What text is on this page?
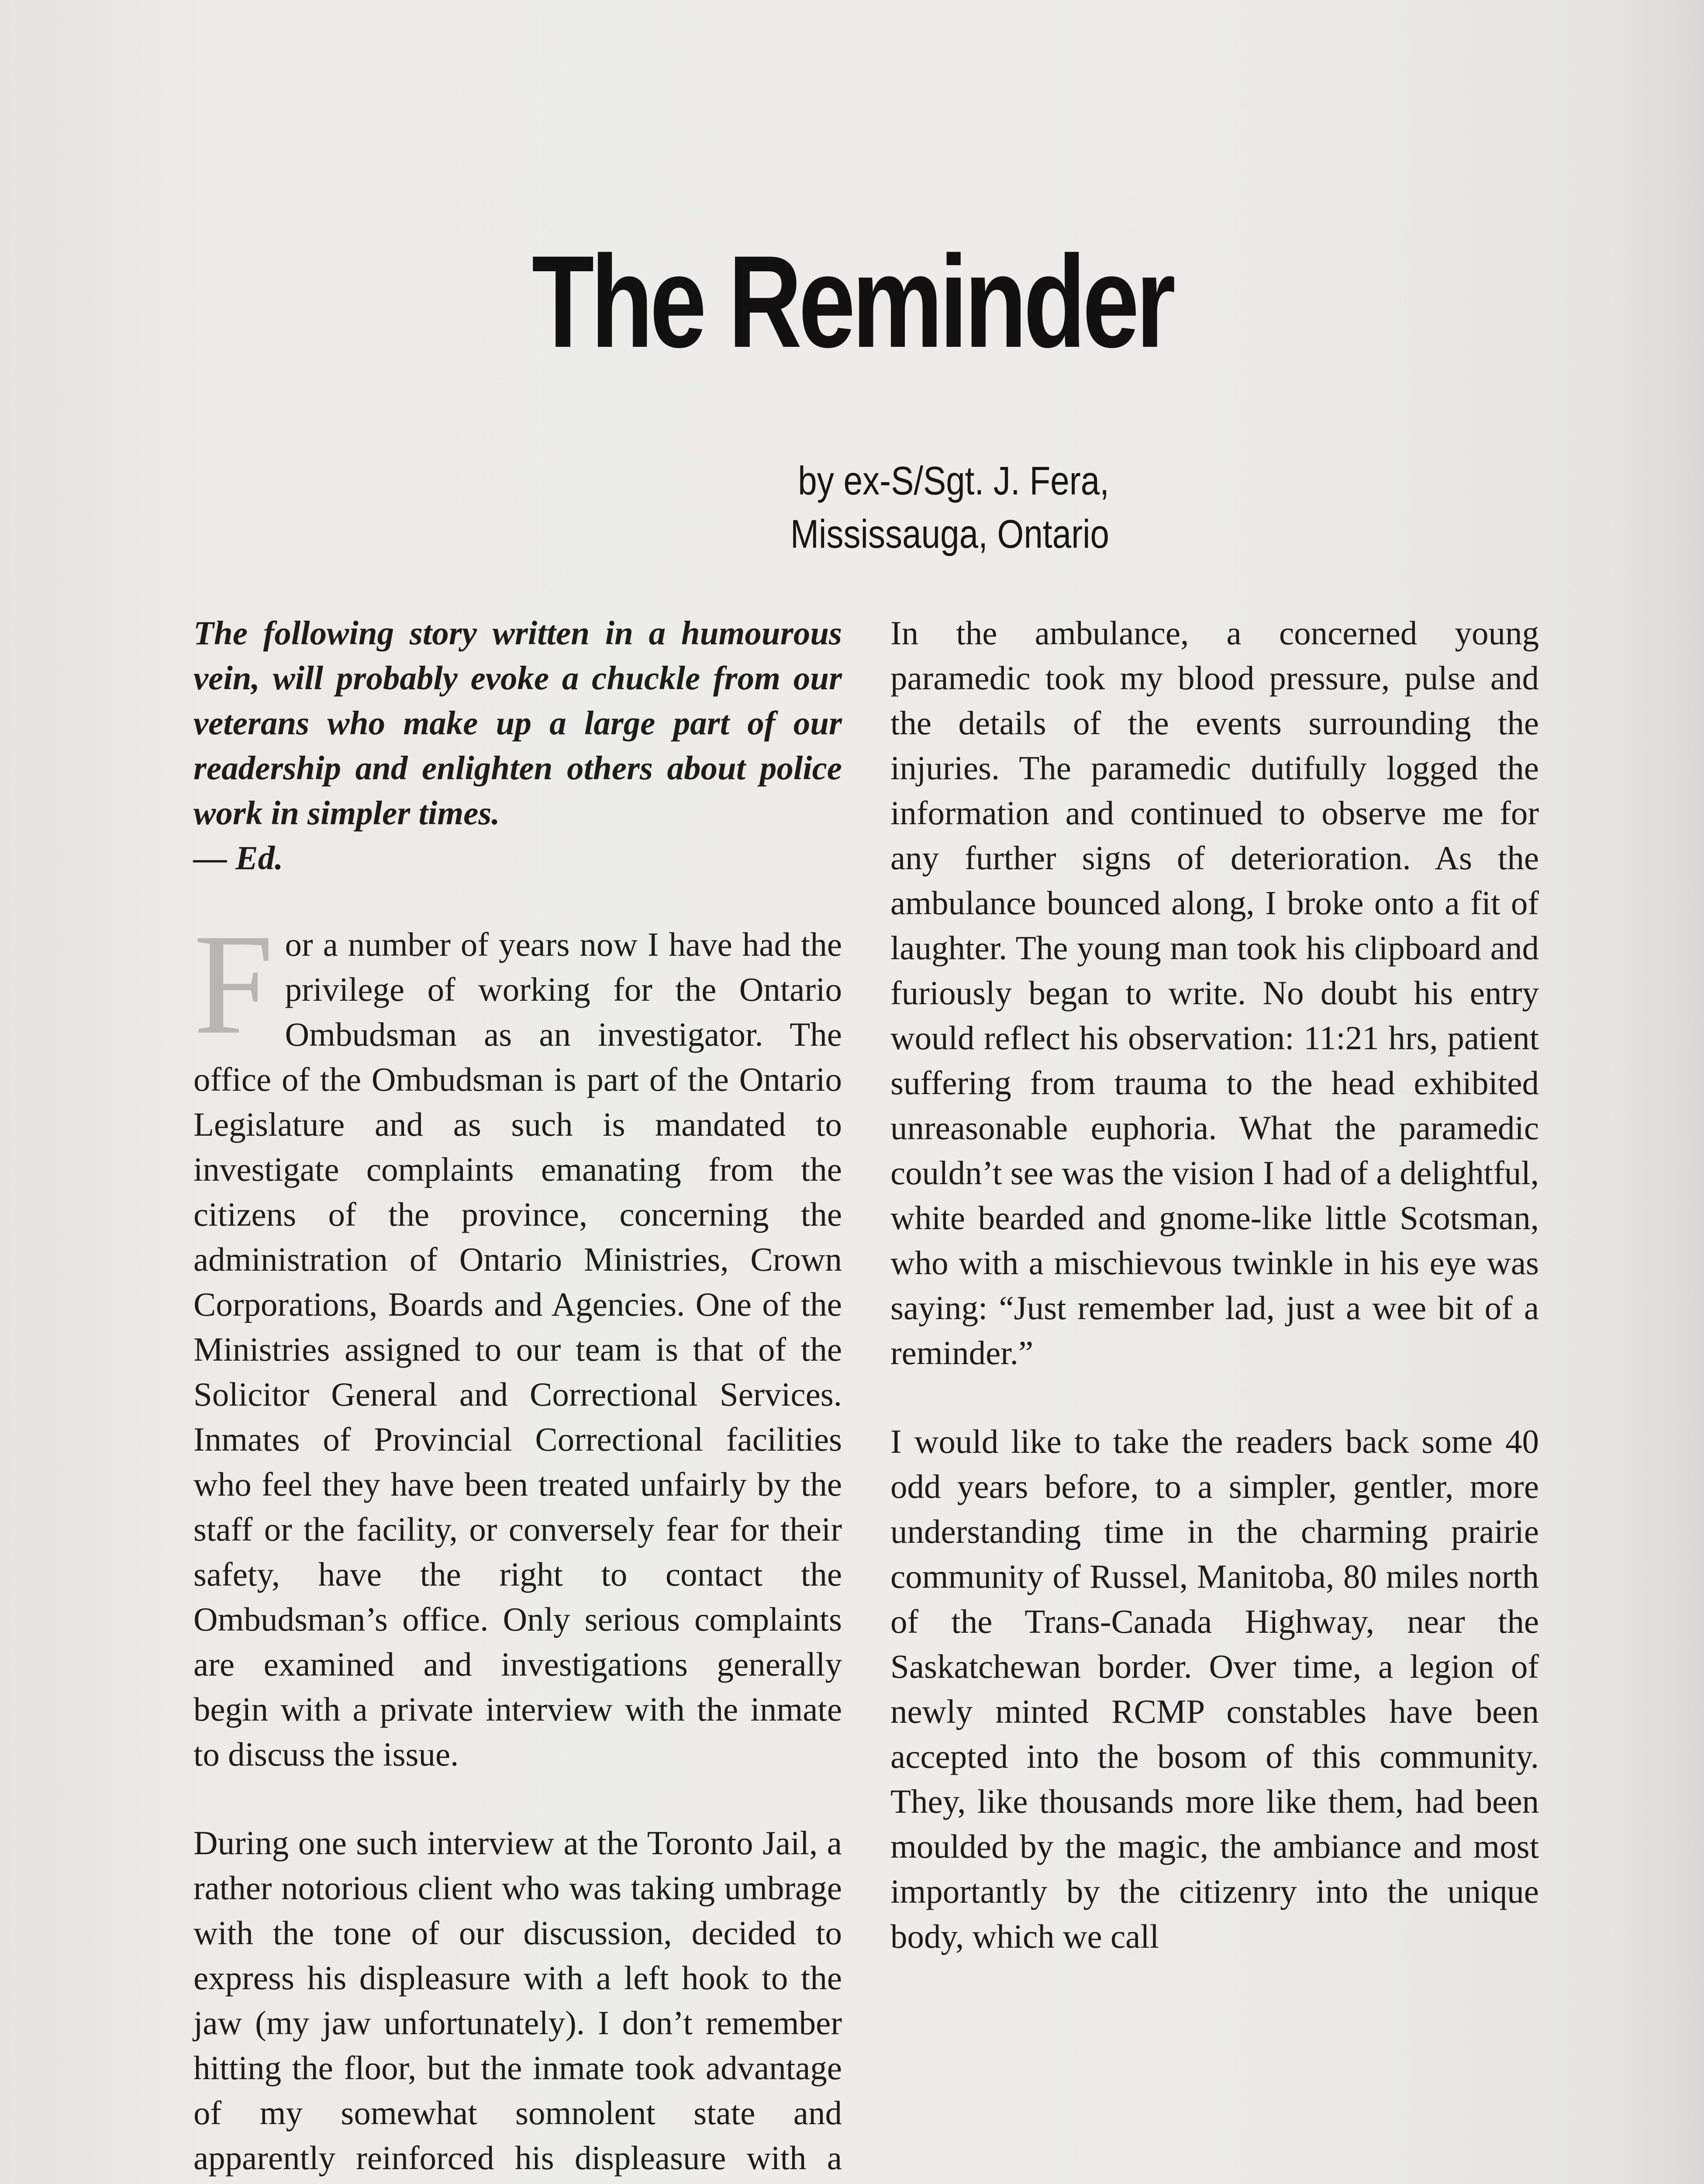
The Reminder
by ex-S/Sgt. J. Fera,
Mississauga, Ontario

The following story written in a humourous vein, will probably evoke a chuckle from our veterans who make up a large part of our readership and enlighten others about police work in simpler times.
— Ed.

For a number of years now I have had the privilege of working for the Ontario Ombudsman as an investigator. The office of the Ombudsman is part of the Ontario Legislature and as such is mandated to investigate complaints emanating from the citizens of the province, concerning the administration of Ontario Ministries, Crown Corporations, Boards and Agencies. One of the Ministries assigned to our team is that of the Solicitor General and Correctional Services. Inmates of Provincial Correctional facilities who feel they have been treated unfairly by the staff or the facility, or conversely fear for their safety, have the right to contact the Ombudsman’s office. Only serious complaints are examined and investigations generally begin with a private interview with the inmate to discuss the issue.

During one such interview at the Toronto Jail, a rather notorious client who was taking umbrage with the tone of our discussion, decided to express his displeasure with a left hook to the jaw (my jaw unfortunately). I don’t remember hitting the floor, but the inmate took advantage of my somewhat somnolent state and apparently reinforced his displeasure with a

In the ambulance, a concerned young paramedic took my blood pressure, pulse and the details of the events surrounding the injuries. The paramedic dutifully logged the information and continued to observe me for any further signs of deterioration. As the ambulance bounced along, I broke onto a fit of laughter. The young man took his clipboard and furiously began to write. No doubt his entry would reflect his observation: 11:21 hrs, patient suffering from trauma to the head exhibited unreasonable euphoria. What the paramedic couldn’t see was the vision I had of a delightful, white bearded and gnome-like little Scotsman, who with a mischievous twinkle in his eye was saying: “Just remember lad, just a wee bit of a reminder.”

I would like to take the readers back some 40 odd years before, to a simpler, gentler, more understanding time in the charming prairie community of Russel, Manitoba, 80 miles north of the Trans-Canada Highway, near the Saskatchewan border. Over time, a legion of newly minted RCMP constables have been accepted into the bosom of this community. They, like thousands more like them, had been moulded by the magic, the ambiance and most importantly by the citizenry into the unique body, which we call
